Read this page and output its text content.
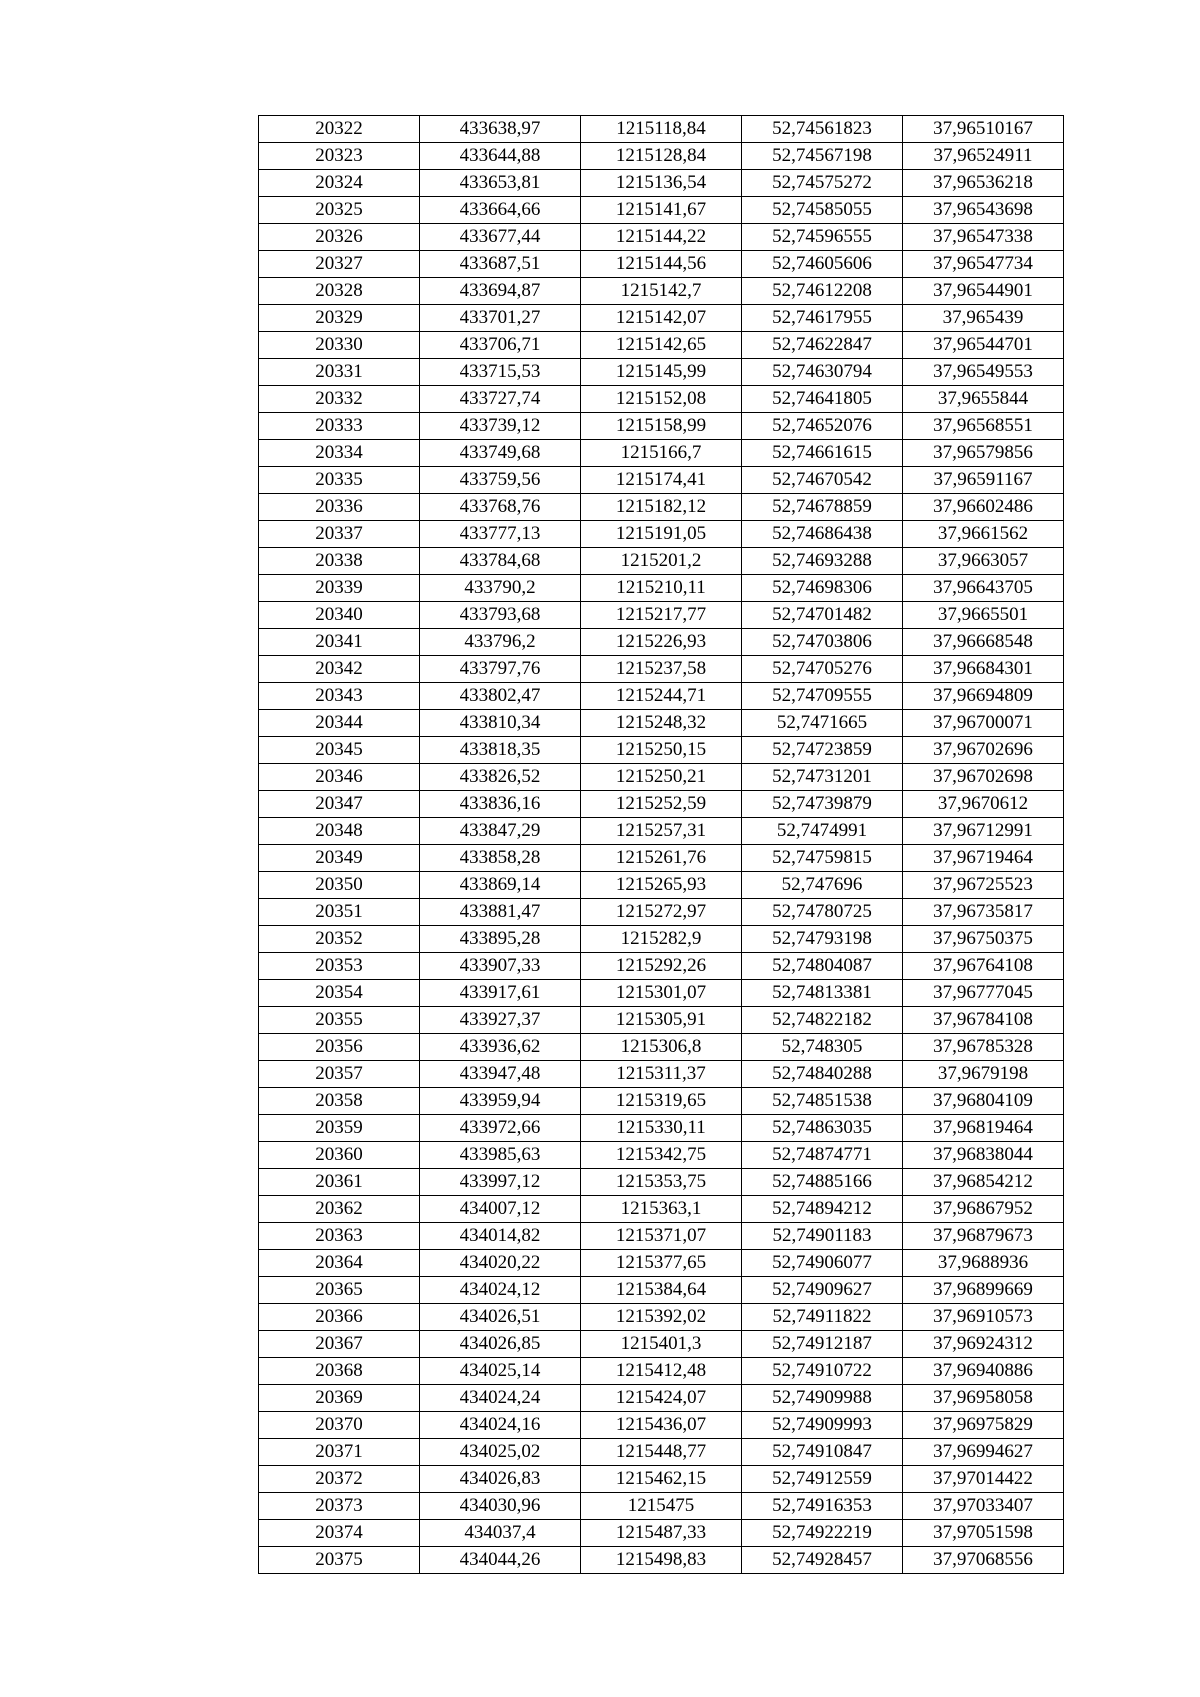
20322	433638,97	1215118,84	52,74561823	37,96510167
20323	433644,88	1215128,84	52,74567198	37,96524911
20324	433653,81	1215136,54	52,74575272	37,96536218
20325	433664,66	1215141,67	52,74585055	37,96543698
20326	433677,44	1215144,22	52,74596555	37,96547338
20327	433687,51	1215144,56	52,74605606	37,96547734
20328	433694,87	1215142,7	52,74612208	37,96544901
20329	433701,27	1215142,07	52,74617955	37,965439
20330	433706,71	1215142,65	52,74622847	37,96544701
20331	433715,53	1215145,99	52,74630794	37,96549553
20332	433727,74	1215152,08	52,74641805	37,9655844
20333	433739,12	1215158,99	52,74652076	37,96568551
20334	433749,68	1215166,7	52,74661615	37,96579856
20335	433759,56	1215174,41	52,74670542	37,96591167
20336	433768,76	1215182,12	52,74678859	37,96602486
20337	433777,13	1215191,05	52,74686438	37,9661562
20338	433784,68	1215201,2	52,74693288	37,9663057
20339	433790,2	1215210,11	52,74698306	37,96643705
20340	433793,68	1215217,77	52,74701482	37,9665501
20341	433796,2	1215226,93	52,74703806	37,96668548
20342	433797,76	1215237,58	52,74705276	37,96684301
20343	433802,47	1215244,71	52,74709555	37,96694809
20344	433810,34	1215248,32	52,7471665	37,96700071
20345	433818,35	1215250,15	52,74723859	37,96702696
20346	433826,52	1215250,21	52,74731201	37,96702698
20347	433836,16	1215252,59	52,74739879	37,9670612
20348	433847,29	1215257,31	52,7474991	37,96712991
20349	433858,28	1215261,76	52,74759815	37,96719464
20350	433869,14	1215265,93	52,747696	37,96725523
20351	433881,47	1215272,97	52,74780725	37,96735817
20352	433895,28	1215282,9	52,74793198	37,96750375
20353	433907,33	1215292,26	52,74804087	37,96764108
20354	433917,61	1215301,07	52,74813381	37,96777045
20355	433927,37	1215305,91	52,74822182	37,96784108
20356	433936,62	1215306,8	52,748305	37,96785328
20357	433947,48	1215311,37	52,74840288	37,9679198
20358	433959,94	1215319,65	52,74851538	37,96804109
20359	433972,66	1215330,11	52,74863035	37,96819464
20360	433985,63	1215342,75	52,74874771	37,96838044
20361	433997,12	1215353,75	52,74885166	37,96854212
20362	434007,12	1215363,1	52,74894212	37,96867952
20363	434014,82	1215371,07	52,74901183	37,96879673
20364	434020,22	1215377,65	52,74906077	37,9688936
20365	434024,12	1215384,64	52,74909627	37,96899669
20366	434026,51	1215392,02	52,74911822	37,96910573
20367	434026,85	1215401,3	52,74912187	37,96924312
20368	434025,14	1215412,48	52,74910722	37,96940886
20369	434024,24	1215424,07	52,74909988	37,96958058
20370	434024,16	1215436,07	52,74909993	37,96975829
20371	434025,02	1215448,77	52,74910847	37,96994627
20372	434026,83	1215462,15	52,74912559	37,97014422
20373	434030,96	1215475	52,74916353	37,97033407
20374	434037,4	1215487,33	52,74922219	37,97051598
20375	434044,26	1215498,83	52,74928457	37,97068556
